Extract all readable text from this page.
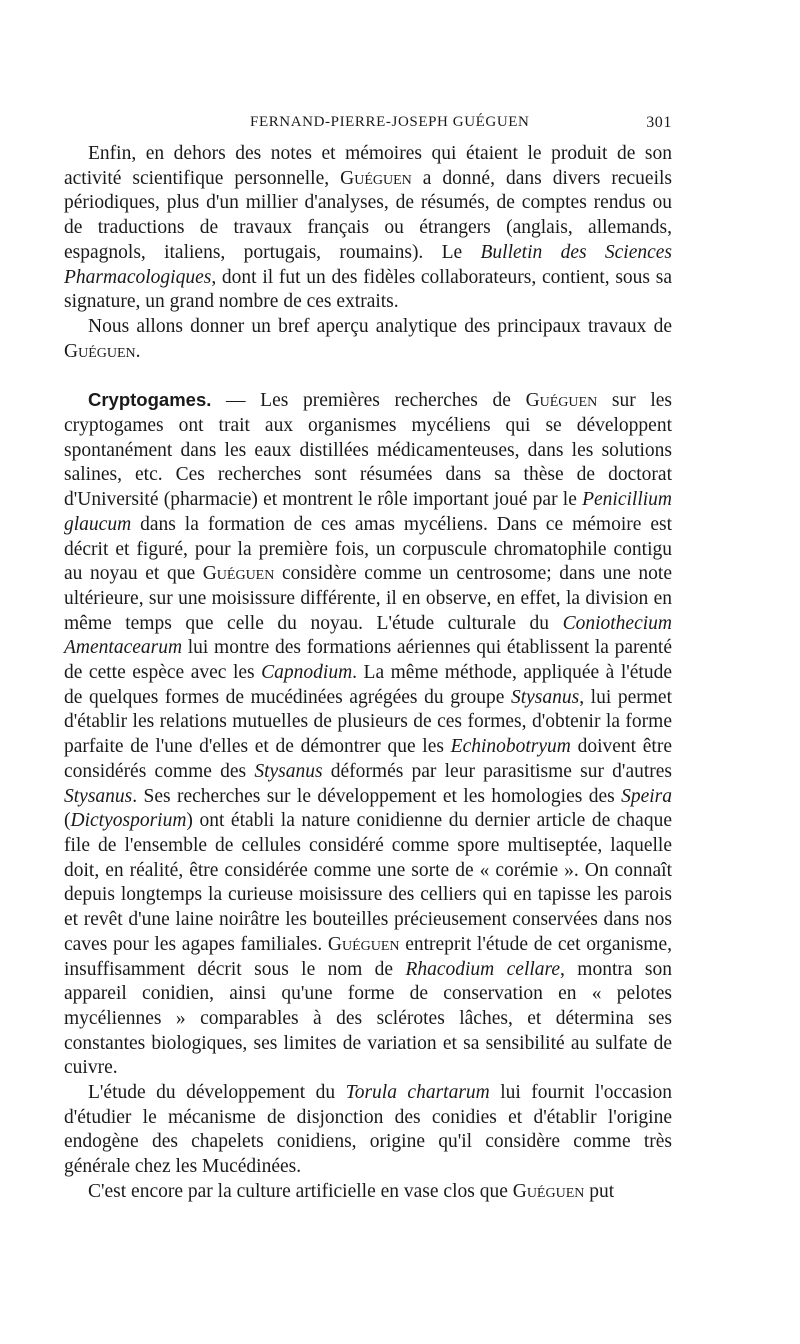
FERNAND-PIERRE-JOSEPH GUÉGUEN	301

Enfin, en dehors des notes et mémoires qui étaient le produit de son activité scientifique personnelle, Guéguen a donné, dans divers recueils périodiques, plus d'un millier d'analyses, de résumés, de comptes rendus ou de traductions de travaux français ou étrangers (anglais, allemands, espagnols, italiens, portugais, roumains). Le Bulletin des Sciences Pharmacologiques, dont il fut un des fidèles collaborateurs, contient, sous sa signature, un grand nombre de ces extraits.

Nous allons donner un bref aperçu analytique des principaux travaux de Guéguen.

Cryptogames. — Les premières recherches de Guéguen sur les cryptogames ont trait aux organismes mycéliens qui se développent spontanément dans les eaux distillées médicamenteuses, dans les solutions salines, etc. Ces recherches sont résumées dans sa thèse de doctorat d'Université (pharmacie) et montrent le rôle important joué par le Penicillium glaucum dans la formation de ces amas mycéliens. Dans ce mémoire est décrit et figuré, pour la première fois, un corpuscule chromatophile contigu au noyau et que Guéguen considère comme un centrosome; dans une note ultérieure, sur une moisissure différente, il en observe, en effet, la division en même temps que celle du noyau. L'étude culturale du Coniothecium Amentacearum lui montre des formations aériennes qui établissent la parenté de cette espèce avec les Capnodium. La même méthode, appliquée à l'étude de quelques formes de mucédinées agrégées du groupe Stysanus, lui permet d'établir les relations mutuelles de plusieurs de ces formes, d'obtenir la forme parfaite de l'une d'elles et de démontrer que les Echinobotryum doivent être considérés comme des Stysanus déformés par leur parasitisme sur d'autres Stysanus. Ses recherches sur le développement et les homologies des Speira (Dictyosporium) ont établi la nature conidienne du dernier article de chaque file de l'ensemble de cellules considéré comme spore multiseptée, laquelle doit, en réalité, être considérée comme une sorte de « corémie ». On connaît depuis longtemps la curieuse moisissure des celliers qui en tapisse les parois et revêt d'une laine noirâtre les bouteilles précieusement conservées dans nos caves pour les agapes familiales. Guéguen entreprit l'étude de cet organisme, insuffisamment décrit sous le nom de Rhacodium cellare, montra son appareil conidien, ainsi qu'une forme de conservation en « pelotes mycéliennes » comparables à des sclérotes lâches, et détermina ses constantes biologiques, ses limites de variation et sa sensibilité au sulfate de cuivre.

L'étude du développement du Torula chartarum lui fournit l'occasion d'étudier le mécanisme de disjonction des conidies et d'établir l'origine endogène des chapelets conidiens, origine qu'il considère comme très générale chez les Mucédinées.

C'est encore par la culture artificielle en vase clos que Guéguen put
